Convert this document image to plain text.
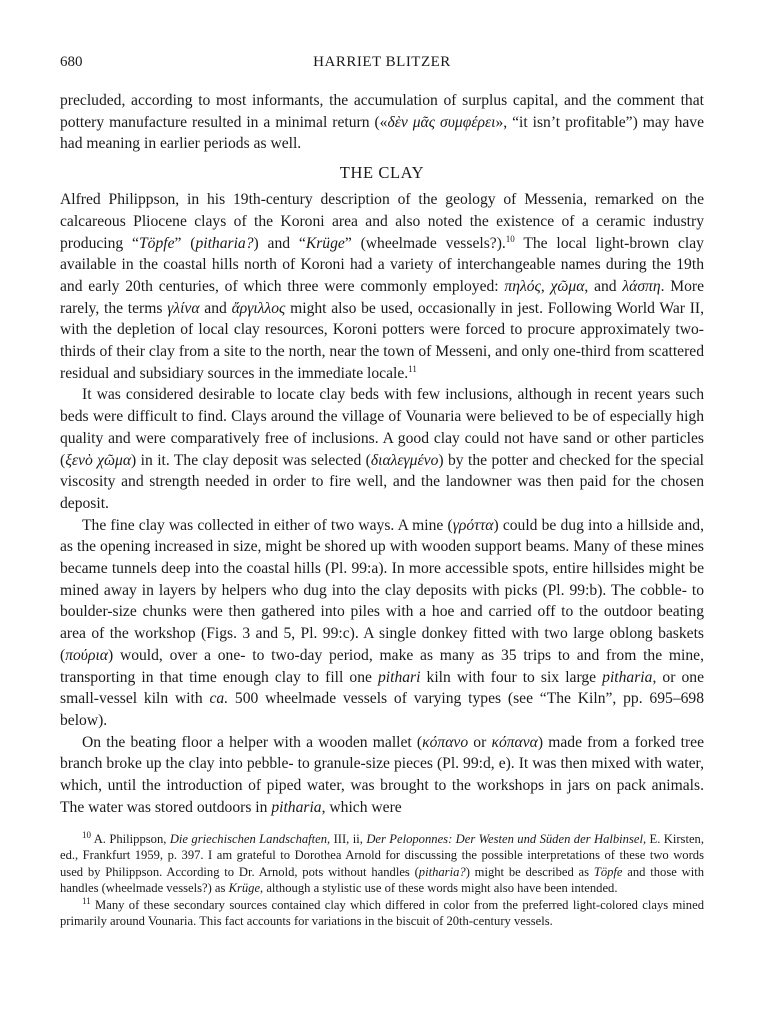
HARRIET BLITZER
680

precluded, according to most informants, the accumulation of surplus capital, and the comment that pottery manufacture resulted in a minimal return («δὲν μᾶς συμφέρει», “it isn’t profitable”) may have had meaning in earlier periods as well.

THE CLAY

Alfred Philippson, in his 19th-century description of the geology of Messenia, remarked on the calcareous Pliocene clays of the Koroni area and also noted the existence of a ceramic industry producing “Töpfe” (pitharia?) and “Krüge” (wheelmade vessels?).$^{10}$ The local light-brown clay available in the coastal hills north of Koroni had a variety of interchangeable names during the 19th and early 20th centuries, of which three were commonly employed: πηλός, χῶμα, and λάσπη. More rarely, the terms γλίνα and ἄργιλλος might also be used, occasionally in jest. Following World War II, with the depletion of local clay resources, Koroni potters were forced to procure approximately two-thirds of their clay from a site to the north, near the town of Messeni, and only one-third from scattered residual and subsidiary sources in the immediate locale.$^{11}$

It was considered desirable to locate clay beds with few inclusions, although in recent years such beds were difficult to find. Clays around the village of Vounaria were believed to be of especially high quality and were comparatively free of inclusions. A good clay could not have sand or other particles (ξενὸ χῶμα) in it. The clay deposit was selected (διαλεγμένο) by the potter and checked for the special viscosity and strength needed in order to fire well, and the landowner was then paid for the chosen deposit.

The fine clay was collected in either of two ways. A mine (γρόττα) could be dug into a hillside and, as the opening increased in size, might be shored up with wooden support beams. Many of these mines became tunnels deep into the coastal hills (Pl. 99:a). In more accessible spots, entire hillsides might be mined away in layers by helpers who dug into the clay deposits with picks (Pl. 99:b). The cobble- to boulder-size chunks were then gathered into piles with a hoe and carried off to the outdoor beating area of the workshop (Figs. 3 and 5, Pl. 99:c). A single donkey fitted with two large oblong baskets (πούρια) would, over a one- to two-day period, make as many as 35 trips to and from the mine, transporting in that time enough clay to fill one pithari kiln with four to six large pitharia, or one small-vessel kiln with ca. 500 wheelmade vessels of varying types (see “The Kiln”, pp. 695–698 below).

On the beating floor a helper with a wooden mallet (κόπανο or κόπανα) made from a forked tree branch broke up the clay into pebble- to granule-size pieces (Pl. 99:d, e). It was then mixed with water, which, until the introduction of piped water, was brought to the workshops in jars on pack animals. The water was stored outdoors in pitharia, which were

$^{10}$ A. Philippson, Die griechischen Landschaften, III, ii, Der Peloponnes: Der Westen und Süden der Halbinsel, E. Kirsten, ed., Frankfurt 1959, p. 397. I am grateful to Dorothea Arnold for discussing the possible interpretations of these two words used by Philippson. According to Dr. Arnold, pots without handles (pitharia?) might be described as Töpfe and those with handles (wheelmade vessels?) as Krüge, although a stylistic use of these words might also have been intended.

$^{11}$ Many of these secondary sources contained clay which differed in color from the preferred light-colored clays mined primarily around Vounaria. This fact accounts for variations in the biscuit of 20th-century vessels.
